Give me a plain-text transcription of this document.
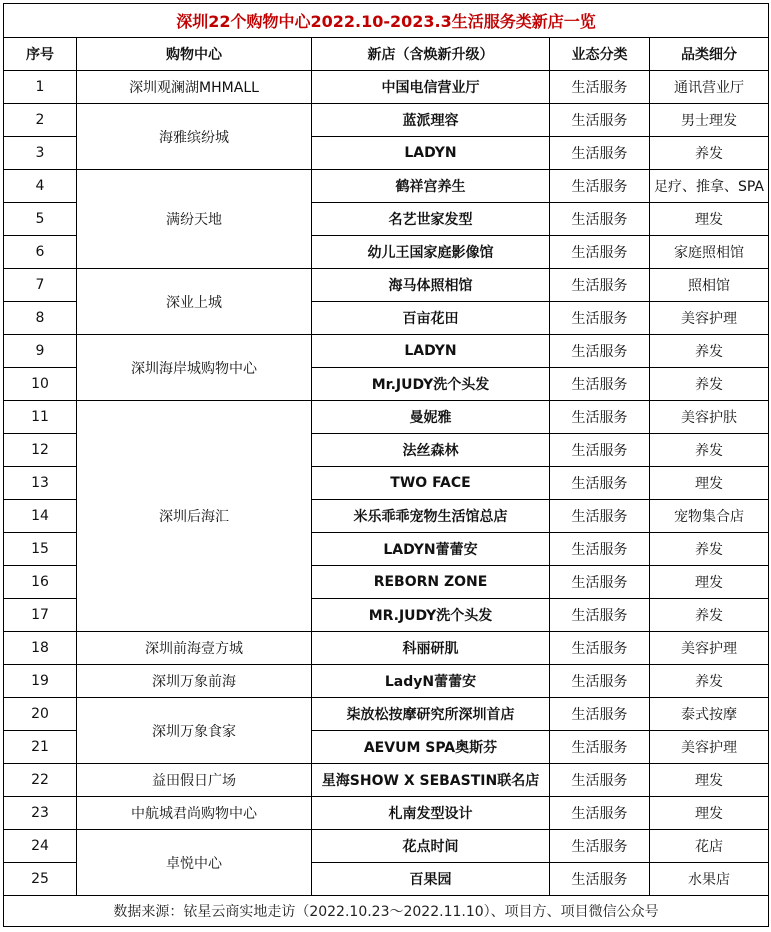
深圳22个购物中心2022.10-2023.3生活服务类新店一览				
序号	购物中心	新店（含焕新升级）	业态分类	品类细分
1	深圳观澜湖MHMALL	中国电信营业厅	生活服务	通讯营业厅
2	海雅缤纷城	蓝派理容	生活服务	男士理发
3		LADYN	生活服务	养发
4	满纷天地	鹤祥宫养生	生活服务	足疗、推拿、SPA
5		名艺世家发型	生活服务	理发
6		幼儿王国家庭影像馆	生活服务	家庭照相馆
7	深业上城	海马体照相馆	生活服务	照相馆
8		百亩花田	生活服务	美容护理
9	深圳海岸城购物中心	LADYN	生活服务	养发
10		Mr.JUDY洗个头发	生活服务	养发
11	深圳后海汇	曼妮雅	生活服务	美容护肤
12		法丝森林	生活服务	养发
13		TWO FACE	生活服务	理发
14		米乐乖乖宠物生活馆总店	生活服务	宠物集合店
15		LADYN蕾蕾安	生活服务	养发
16		REBORN ZONE	生活服务	理发
17		MR.JUDY洗个头发	生活服务	养发
18	深圳前海壹方城	科丽研肌	生活服务	美容护理
19	深圳万象前海	LadyN蕾蕾安	生活服务	养发
20	深圳万象食家	柒放松按摩研究所深圳首店	生活服务	泰式按摩
21		AEVUM SPA奥斯芬	生活服务	美容护理
22	益田假日广场	星海SHOW X SEBASTIN联名店	生活服务	理发
23	中航城君尚购物中心	札南发型设计	生活服务	理发
24	卓悦中心	花点时间	生活服务	花店
25		百果园	生活服务	水果店
数据来源：铱星云商实地走访（2022.10.23～2022.11.10）、项目方、项目微信公众号				
